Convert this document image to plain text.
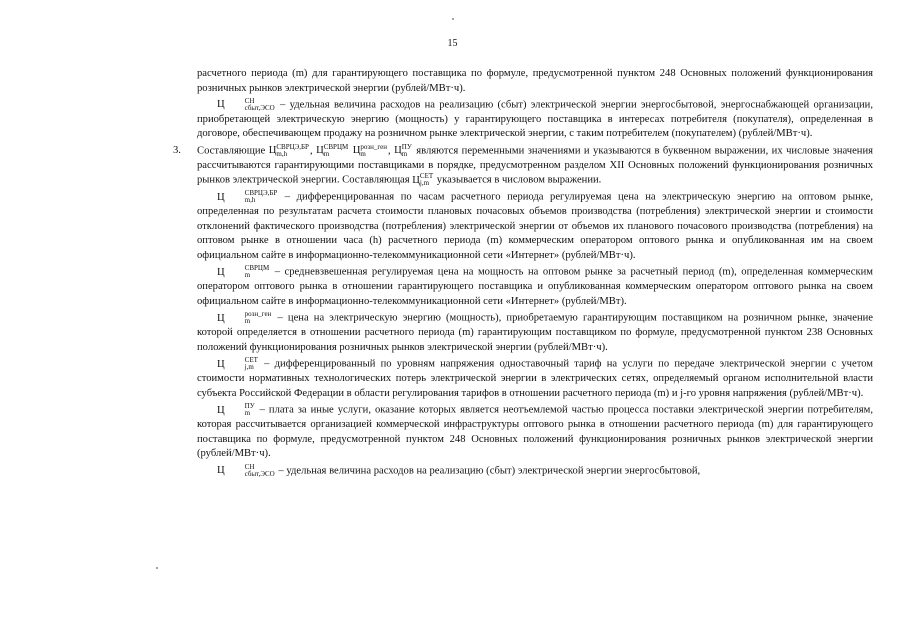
15

расчетного периода (m) для гарантирующего поставщика по формуле, предусмотренной пунктом 248 Основных положений функционирования розничных рынков электрической энергии (рублей/МВт·ч).

Ц	СН
сбыт,ЭСО – удельная величина расходов на реализацию (сбыт) электрической энергии энергосбытовой, энергоснабжающей организации, приобретающей электрическую энергию (мощность) у гарантирующего поставщика в интересах потребителя (покупателя), определенная в договоре, обеспечивающем продажу на розничном рынке электрической энергии, с таким потребителем (покупателем) (рублей/МВт·ч).

3. Составляющие Ц СВРЦЭ,БР
m,h	, Ц СВРЦМ
m	Ц розн_ген
m	, Ц ПУ
m являются переменными значениями и указываются в буквенном выражении, их числовые значения рассчитываются гарантирующими поставщиками в порядке, предусмотренном разделом XII Основных положений функционирования розничных рынков электрической энергии. Составляющая Ц СЕТ
j,m указывается в числовом выражении.

Ц	СВРЦЭ,БР
m,h	– дифференцированная по часам расчетного периода регулируемая цена на электрическую энергию на оптовом рынке, определенная по результатам расчета стоимости плановых почасовых объемов производства (потребления) электрической энергии и стоимости отклонений фактического производства (потребления) электрической энергии от объемов их планового почасового производства (потребления) на оптовом рынке в отношении часа (h) расчетного периода (m) коммерческим оператором оптового рынка и опубликованная им на своем официальном сайте в информационно-телекоммуникационной сети «Интернет» (рублей/МВт·ч).

Ц	СВРЦМ
m	– средневзвешенная регулируемая цена на мощность на оптовом рынке за расчетный период (m), определенная коммерческим оператором оптового рынка в отношении гарантирующего поставщика и опубликованная коммерческим оператором оптового рынка на своем официальном сайте в информационно-телекоммуникационной сети «Интернет» (рублей/МВт).

Ц	розн_ген
m	– цена на электрическую энергию (мощность), приобретаемую гарантирующим поставщиком на розничном рынке, значение которой определяется в отношении расчетного периода (m) гарантирующим поставщиком по формуле, предусмотренной пунктом 238 Основных положений функционирования розничных рынков электрической энергии (рублей/МВт·ч).

Ц	СЕТ
j,m – дифференцированный по уровням напряжения одноставочный тариф на услуги по передаче электрической энергии с учетом стоимости нормативных технологических потерь электрической энергии в электрических сетях, определяемый органом исполнительной власти субъекта Российской Федерации в области регулирования тарифов в отношении расчетного периода (m) и j-го уровня напряжения (рублей/МВт·ч).

Ц	ПУ
m – плата за иные услуги, оказание которых является неотъемлемой частью процесса поставки электрической энергии потребителям, которая рассчитывается организацией коммерческой инфраструктуры оптового рынка в отношении расчетного периода (m) для гарантирующего поставщика по формуле, предусмотренной пунктом 248 Основных положений функционирования розничных рынков электрической энергии (рублей/МВт·ч).

Ц	СН
сбыт,ЭСО – удельная величина расходов на реализацию (сбыт) электрической энергии энергосбытовой,
